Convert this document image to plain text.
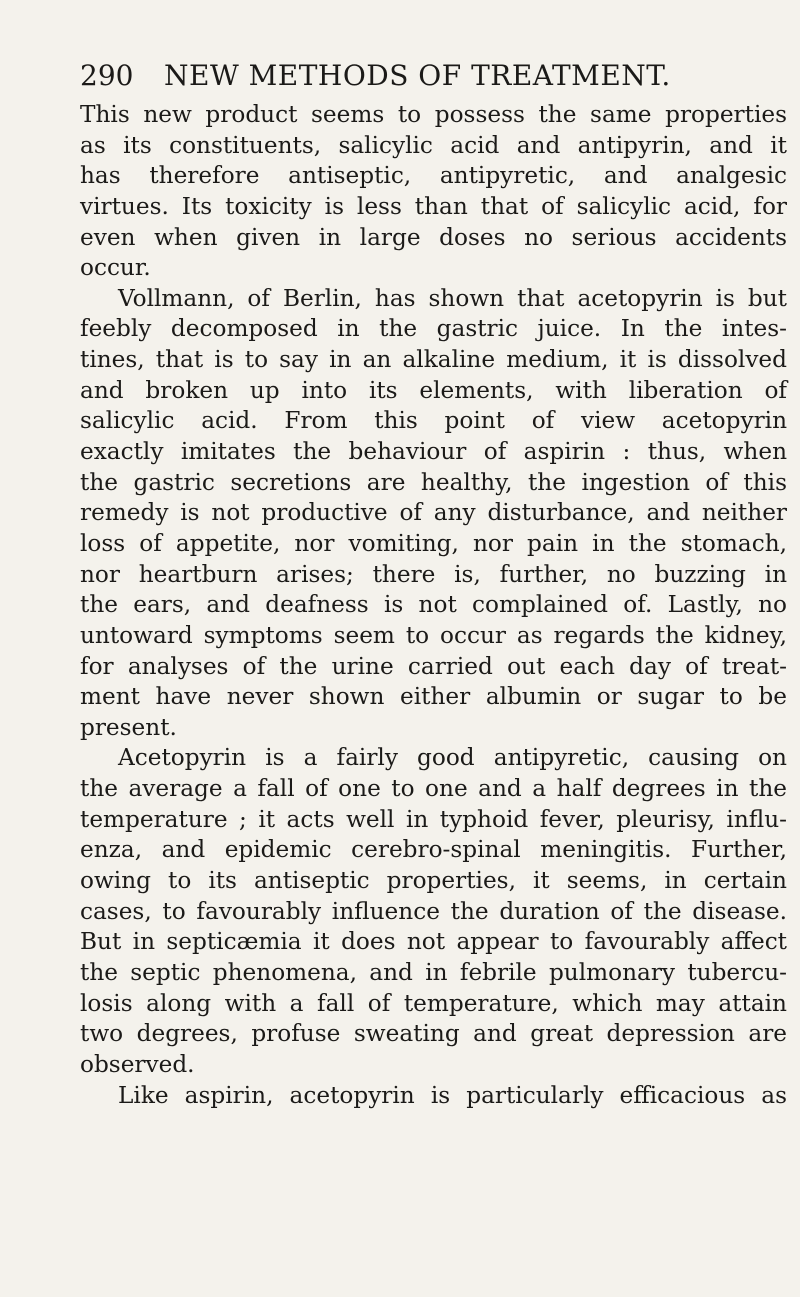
290 NEW METHODS OF TREATMENT.
This new product seems to possess the same properties
as its constituents, salicylic acid and antipyrin, and it
has therefore antiseptic, antipyretic, and analgesic
virtues. Its toxicity is less than that of salicylic acid, for
even when given in large doses no serious accidents
occur.
Vollmann, of Berlin, has shown that acetopyrin is but
feebly decomposed in the gastric juice. In the intes-
tines, that is to say in an alkaline medium, it is dissolved
and broken up into its elements, with liberation of
salicylic acid. From this point of view acetopyrin
exactly imitates the behaviour of aspirin : thus, when
the gastric secretions are healthy, the ingestion of this
remedy is not productive of any disturbance, and neither
loss of appetite, nor vomiting, nor pain in the stomach,
nor heartburn arises; there is, further, no buzzing in
the ears, and deafness is not complained of. Lastly, no
untoward symptoms seem to occur as regards the kidney,
for analyses of the urine carried out each day of treat-
ment have never shown either albumin or sugar to be
present.
Acetopyrin is a fairly good antipyretic, causing on
the average a fall of one to one and a half degrees in the
temperature ; it acts well in typhoid fever, pleurisy, influ-
enza, and epidemic cerebro-spinal meningitis. Further,
owing to its antiseptic properties, it seems, in certain
cases, to favourably influence the duration of the disease.
But in septicæmia it does not appear to favourably affect
the septic phenomena, and in febrile pulmonary tubercu-
losis along with a fall of temperature, which may attain
two degrees, profuse sweating and great depression are
observed.
Like aspirin, acetopyrin is particularly efficacious as
